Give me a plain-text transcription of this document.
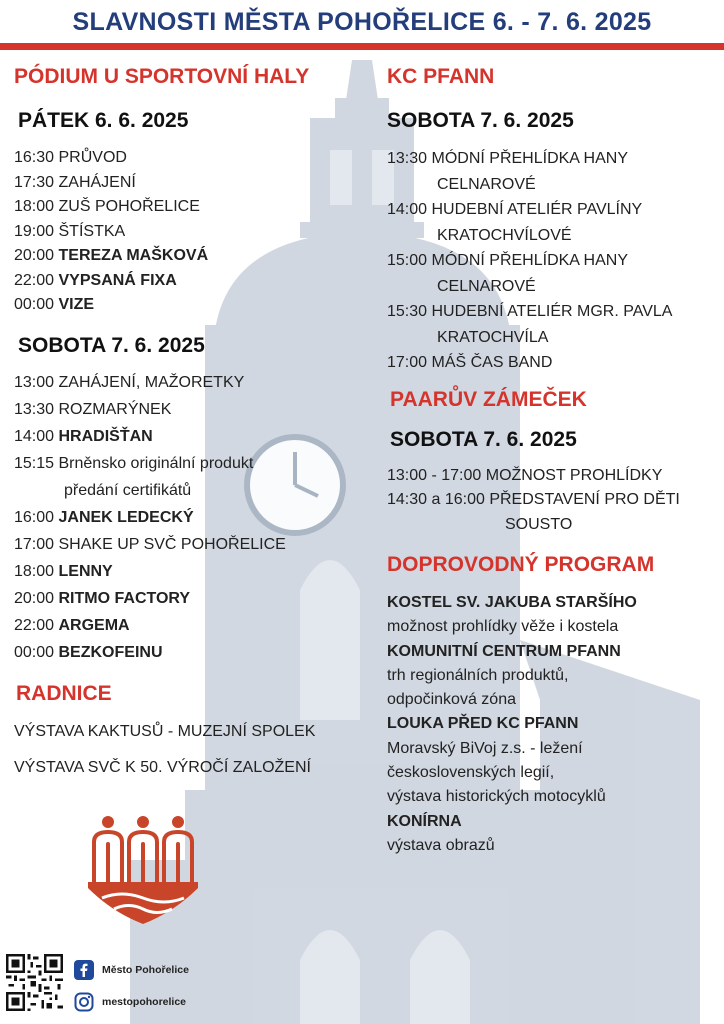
SLAVNOSTI MĚSTA POHOŘELICE 6. - 7. 6. 2025
PÓDIUM U SPORTOVNÍ HALY
PÁTEK 6. 6. 2025
16:30 PRŮVOD
17:30 ZAHÁJENÍ
18:00 ZUŠ POHOŘELICE
19:00 ŠTÍSTKA
20:00 TEREZA MAŠKOVÁ
22:00 VYPSANÁ FIXA
00:00 VIZE
SOBOTA 7. 6. 2025
13:00 ZAHÁJENÍ, MAŽORETKY
13:30 ROZMARÝNEK
14:00 HRADIŠŤAN
15:15 Brněnsko originální produkt
předání certifikátů
16:00 JANEK LEDECKÝ
17:00 SHAKE UP SVČ POHOŘELICE
18:00 LENNY
20:00 RITMO FACTORY
22:00 ARGEMA
00:00 BEZKOFEINU
RADNICE
VÝSTAVA KAKTUSŮ - MUZEJNÍ SPOLEK
VÝSTAVA SVČ K 50. VÝROČÍ ZALOŽENÍ
KC PFANN
SOBOTA 7. 6. 2025
13:30 MÓDNÍ PŘEHLÍDKA HANY
CELNAROVÉ
14:00 HUDEBNÍ ATELIÉR PAVLÍNY
KRATOCHVÍLOVÉ
15:00 MÓDNÍ PŘEHLÍDKA HANY
CELNAROVÉ
15:30 HUDEBNÍ ATELIÉR MGR. PAVLA
KRATOCHVÍLA
17:00 MÁŠ ČAS BAND
PAARŮV ZÁMEČEK
SOBOTA 7. 6. 2025
13:00 - 17:00 MOŽNOST PROHLÍDKY
14:30 a 16:00 PŘEDSTAVENÍ PRO DĚTI
SOUSTO
DOPROVODNÝ PROGRAM
KOSTEL SV. JAKUBA STARŠÍHO
možnost prohlídky věže i kostela
KOMUNITNÍ CENTRUM PFANN
trh regionálních produktů,
odpočinková zóna
LOUKA PŘED KC PFANN
Moravský BiVoj z.s. - ležení
československých legií,
výstava historických motocyklů
KONÍRNA
výstava obrazů
Město Pohořelice
mestopohorelice
